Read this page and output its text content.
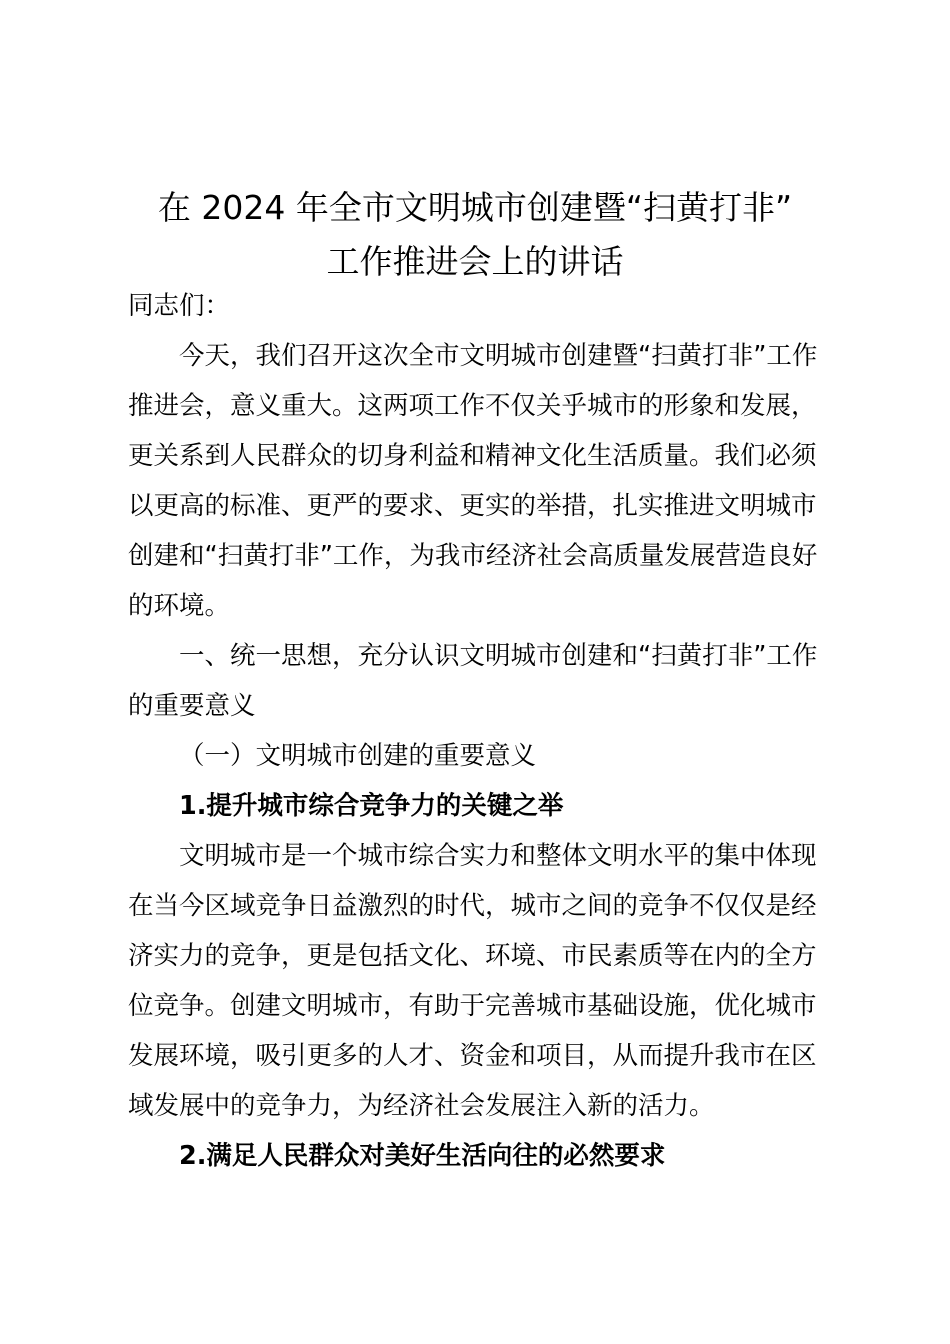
在 2024 年全市文明城市创建暨“扫黄打非”
工作推进会上的讲话

同志们：

今天，我们召开这次全市文明城市创建暨“扫黄打非”工作推进会，意义重大。这两项工作不仅关乎城市的形象和发展，更关系到人民群众的切身利益和精神文化生活质量。我们必须以更高的标准、更严的要求、更实的举措，扎实推进文明城市创建和“扫黄打非”工作，为我市经济社会高质量发展营造良好的环境。

一、统一思想，充分认识文明城市创建和“扫黄打非”工作的重要意义

（一）文明城市创建的重要意义

1.提升城市综合竞争力的关键之举

文明城市是一个城市综合实力和整体文明水平的集中体现在当今区域竞争日益激烈的时代，城市之间的竞争不仅仅是经济实力的竞争，更是包括文化、环境、市民素质等在内的全方位竞争。创建文明城市，有助于完善城市基础设施，优化城市发展环境，吸引更多的人才、资金和项目，从而提升我市在区域发展中的竞争力，为经济社会发展注入新的活力。

2.满足人民群众对美好生活向往的必然要求
